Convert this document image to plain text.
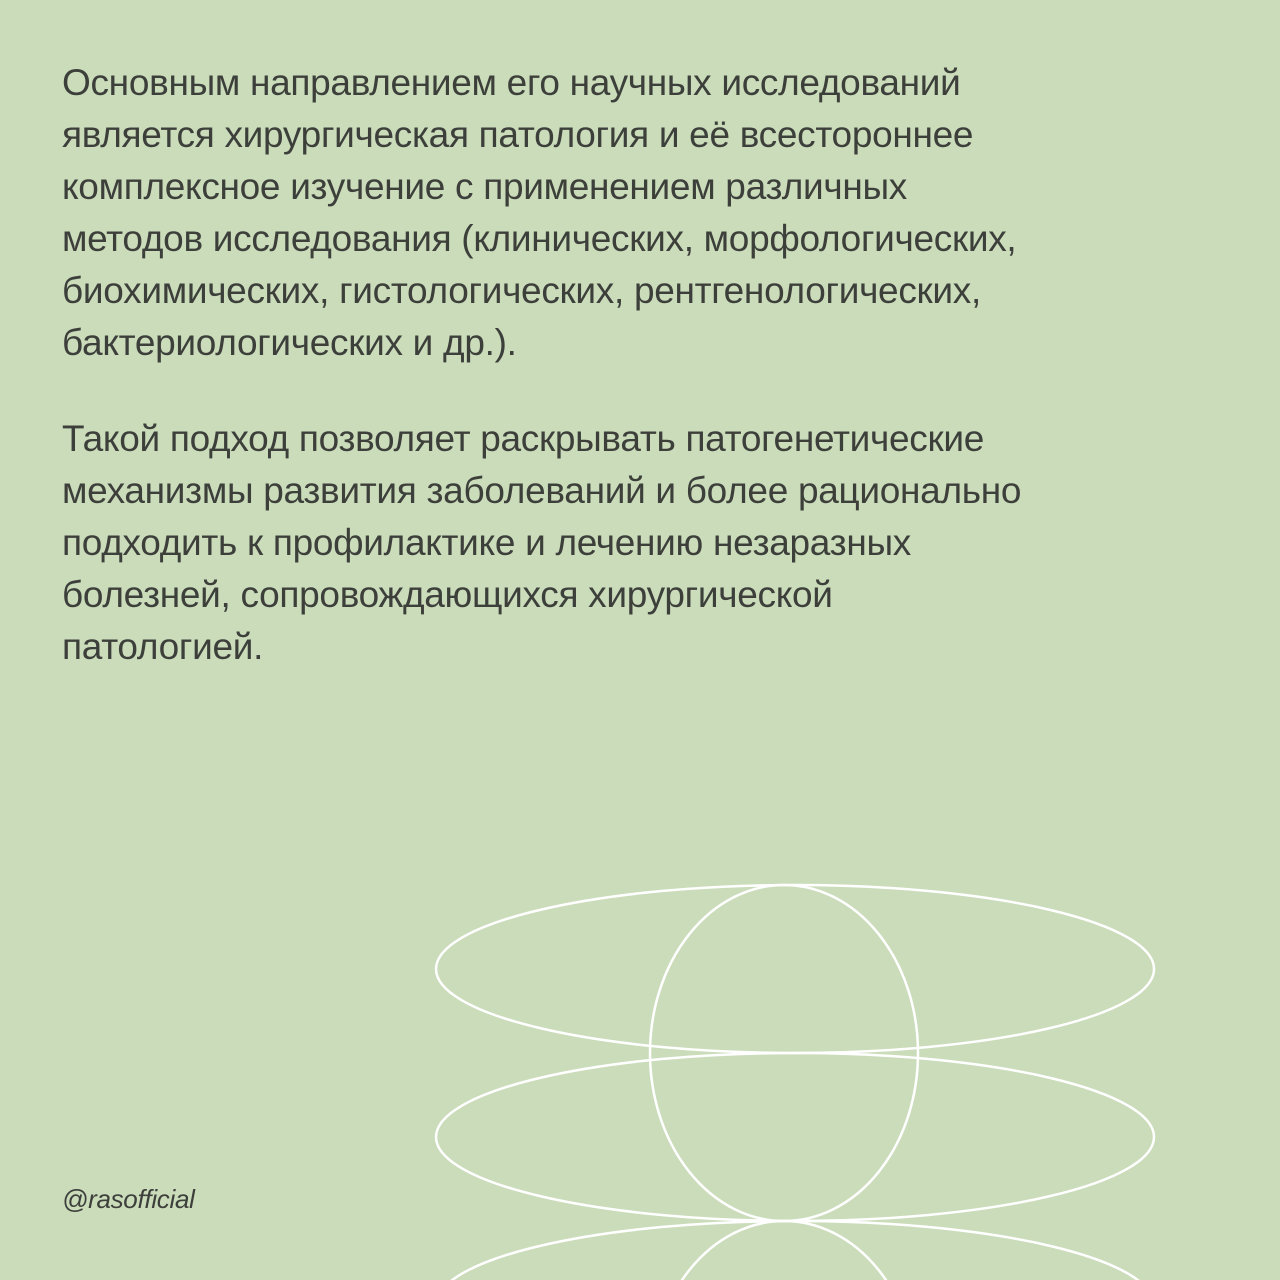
Основным направлением его научных исследований
является хирургическая патология и её всестороннее
комплексное изучение с применением различных
методов исследования (клинических, морфологических,
биохимических, гистологических, рентгенологических,
бактериологических и др.).
Такой подход позволяет раскрывать патогенетические
механизмы развития заболеваний и более рационально
подходить к профилактике и лечению незаразных
болезней, сопровождающихся хирургической
патологией.
@rasofficial
